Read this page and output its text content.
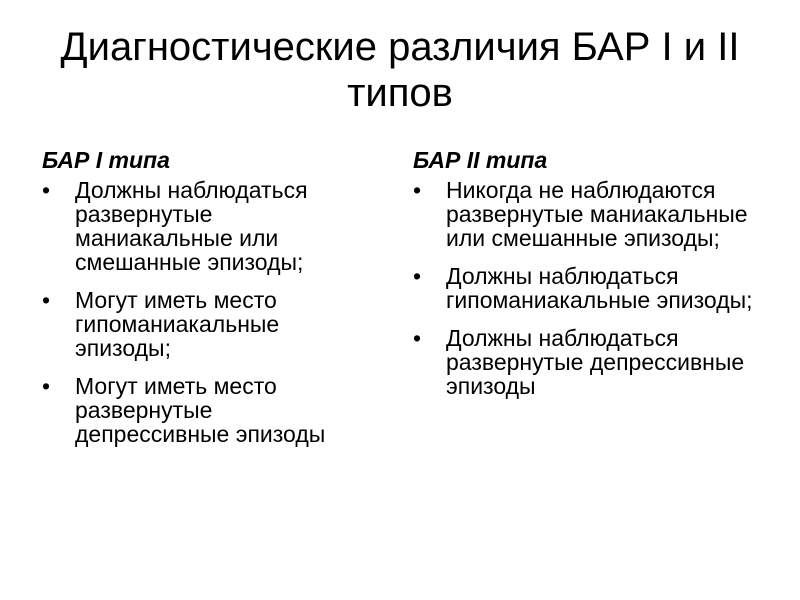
Диагностические различия БАР I и II типов
БАР I типа
•	Должны наблюдаться развернутые маниакальные или смешанные эпизоды;
•	Могут иметь место гипоманиакальные эпизоды;
•	Могут иметь место развернутые депрессивные эпизоды
БАР II типа
•	Никогда не наблюдаются развернутые маниакальные или смешанные эпизоды;
•	Должны наблюдаться гипоманиакальные эпизоды;
•	Должны наблюдаться развернутые депрессивные эпизоды
